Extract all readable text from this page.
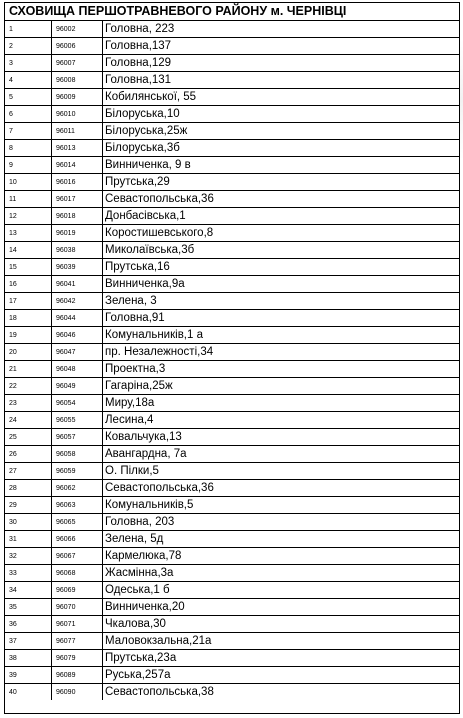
СХОВИЩА ПЕРШОТРАВНЕВОГО РАЙОНУ м. ЧЕРНІВЦІ
1	96002	Головна, 223
2	96006	Головна,137
3	96007	Головна,129
4	96008	Головна,131
5	96009	Кобилянської, 55
6	96010	Білоруська,10
7	96011	Білоруська,25ж
8	96013	Білоруська,3б
9	96014	Винниченка, 9 в
10	96016	Прутська,29
11	96017	Севастопольська,36
12	96018	Донбасівська,1
13	96019	Коростишевського,8
14	96038	Миколаївська,3б
15	96039	Прутська,16
16	96041	Винниченка,9а
17	96042	Зелена, 3
18	96044	Головна,91
19	96046	Комунальників,1 а
20	96047	пр. Незалежності,34
21	96048	Проектна,3
22	96049	Гагаріна,25ж
23	96054	Миру,18а
24	96055	Лесина,4
25	96057	Ковальчука,13
26	96058	Авангардна, 7а
27	96059	О. Пілки,5
28	96062	Севастопольська,36
29	96063	Комунальників,5
30	96065	Головна, 203
31	96066	Зелена, 5д
32	96067	Кармелюка,78
33	96068	Жасмінна,3а
34	96069	Одеська,1 б
35	96070	Винниченка,20
36	96071	Чкалова,30
37	96077	Маловокзальна,21а
38	96079	Прутська,23а
39	96089	Руська,257а
40	96090	Севастопольська,38
